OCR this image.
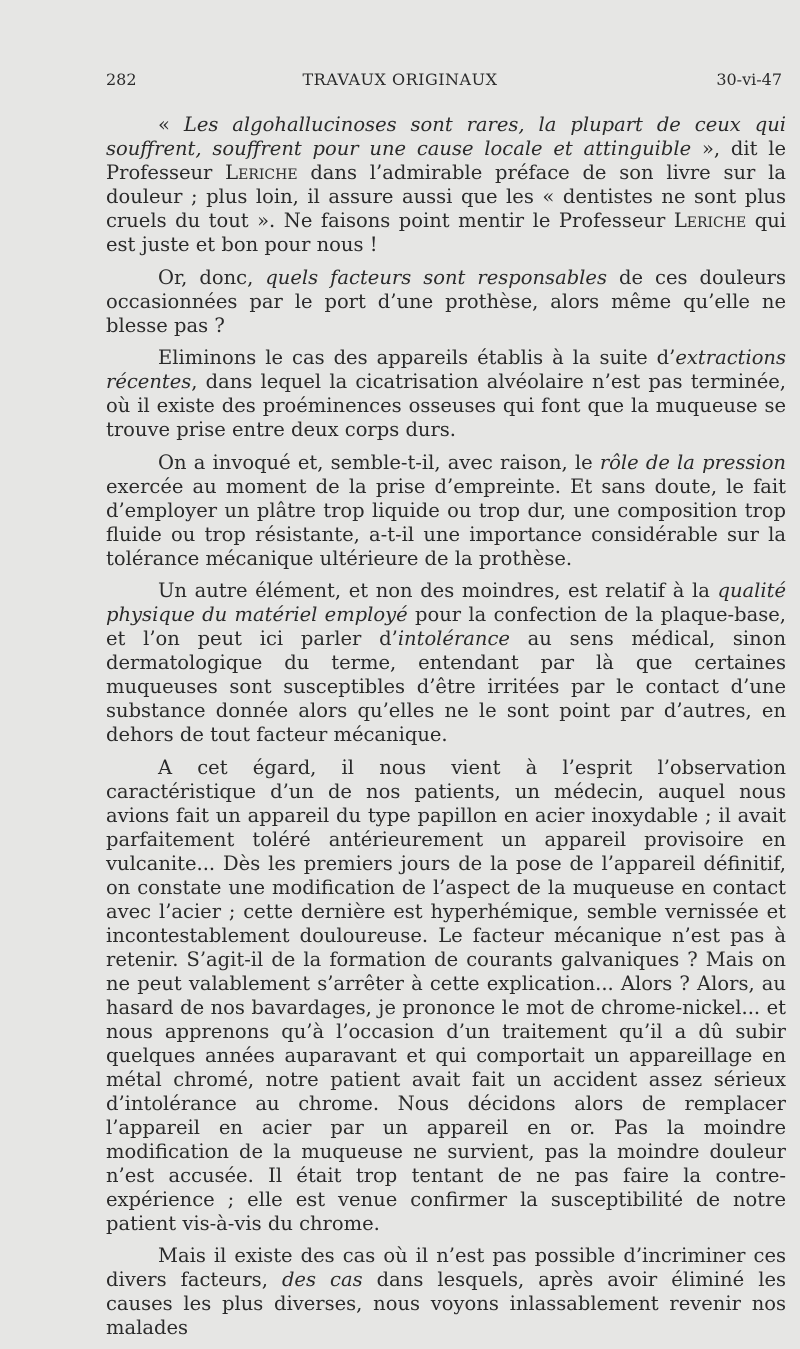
282	TRAVAUX ORIGINAUX	30-vi-47

« Les algohallucinoses sont rares, la plupart de ceux qui souffrent, souffrent pour une cause locale et attinguible », dit le Professeur Leriche dans l’admirable préface de son livre sur la douleur ; plus loin, il assure aussi que les « dentistes ne sont plus cruels du tout ». Ne faisons point mentir le Professeur Leriche qui est juste et bon pour nous !

Or, donc, quels facteurs sont responsables de ces douleurs occasionnées par le port d’une prothèse, alors même qu’elle ne blesse pas ?

Eliminons le cas des appareils établis à la suite d’extractions récentes, dans lequel la cicatrisation alvéolaire n’est pas terminée, où il existe des proéminences osseuses qui font que la muqueuse se trouve prise entre deux corps durs.

On a invoqué et, semble-t-il, avec raison, le rôle de la pression exercée au moment de la prise d’empreinte. Et sans doute, le fait d’employer un plâtre trop liquide ou trop dur, une composition trop fluide ou trop résistante, a-t-il une importance considérable sur la tolérance mécanique ultérieure de la prothèse.

Un autre élément, et non des moindres, est relatif à la qualité physique du matériel employé pour la confection de la plaque-base, et l’on peut ici parler d’intolérance au sens médical, sinon dermatologique du terme, entendant par là que certaines muqueuses sont susceptibles d’être irritées par le contact d’une substance donnée alors qu’elles ne le sont point par d’autres, en dehors de tout facteur mécanique.

A cet égard, il nous vient à l’esprit l’observation caractéristique d’un de nos patients, un médecin, auquel nous avions fait un appareil du type papillon en acier inoxydable ; il avait parfaitement toléré antérieurement un appareil provisoire en vulcanite... Dès les premiers jours de la pose de l’appareil définitif, on constate une modification de l’aspect de la muqueuse en contact avec l’acier ; cette dernière est hyperhémique, semble vernissée et incontestablement douloureuse. Le facteur mécanique n’est pas à retenir. S’agit-il de la formation de courants galvaniques ? Mais on ne peut valablement s’arrêter à cette explication... Alors ? Alors, au hasard de nos bavardages, je prononce le mot de chrome-nickel... et nous apprenons qu’à l’occasion d’un traitement qu’il a dû subir quelques années auparavant et qui comportait un appareillage en métal chromé, notre patient avait fait un accident assez sérieux d’intolérance au chrome. Nous décidons alors de remplacer l’appareil en acier par un appareil en or. Pas la moindre modification de la muqueuse ne survient, pas la moindre douleur n’est accusée. Il était trop tentant de ne pas faire la contre-expérience ; elle est venue confirmer la susceptibilité de notre patient vis-à-vis du chrome.

Mais il existe des cas où il n’est pas possible d’incriminer ces divers facteurs, des cas dans lesquels, après avoir éliminé les causes les plus diverses, nous voyons inlassablement revenir nos malades
